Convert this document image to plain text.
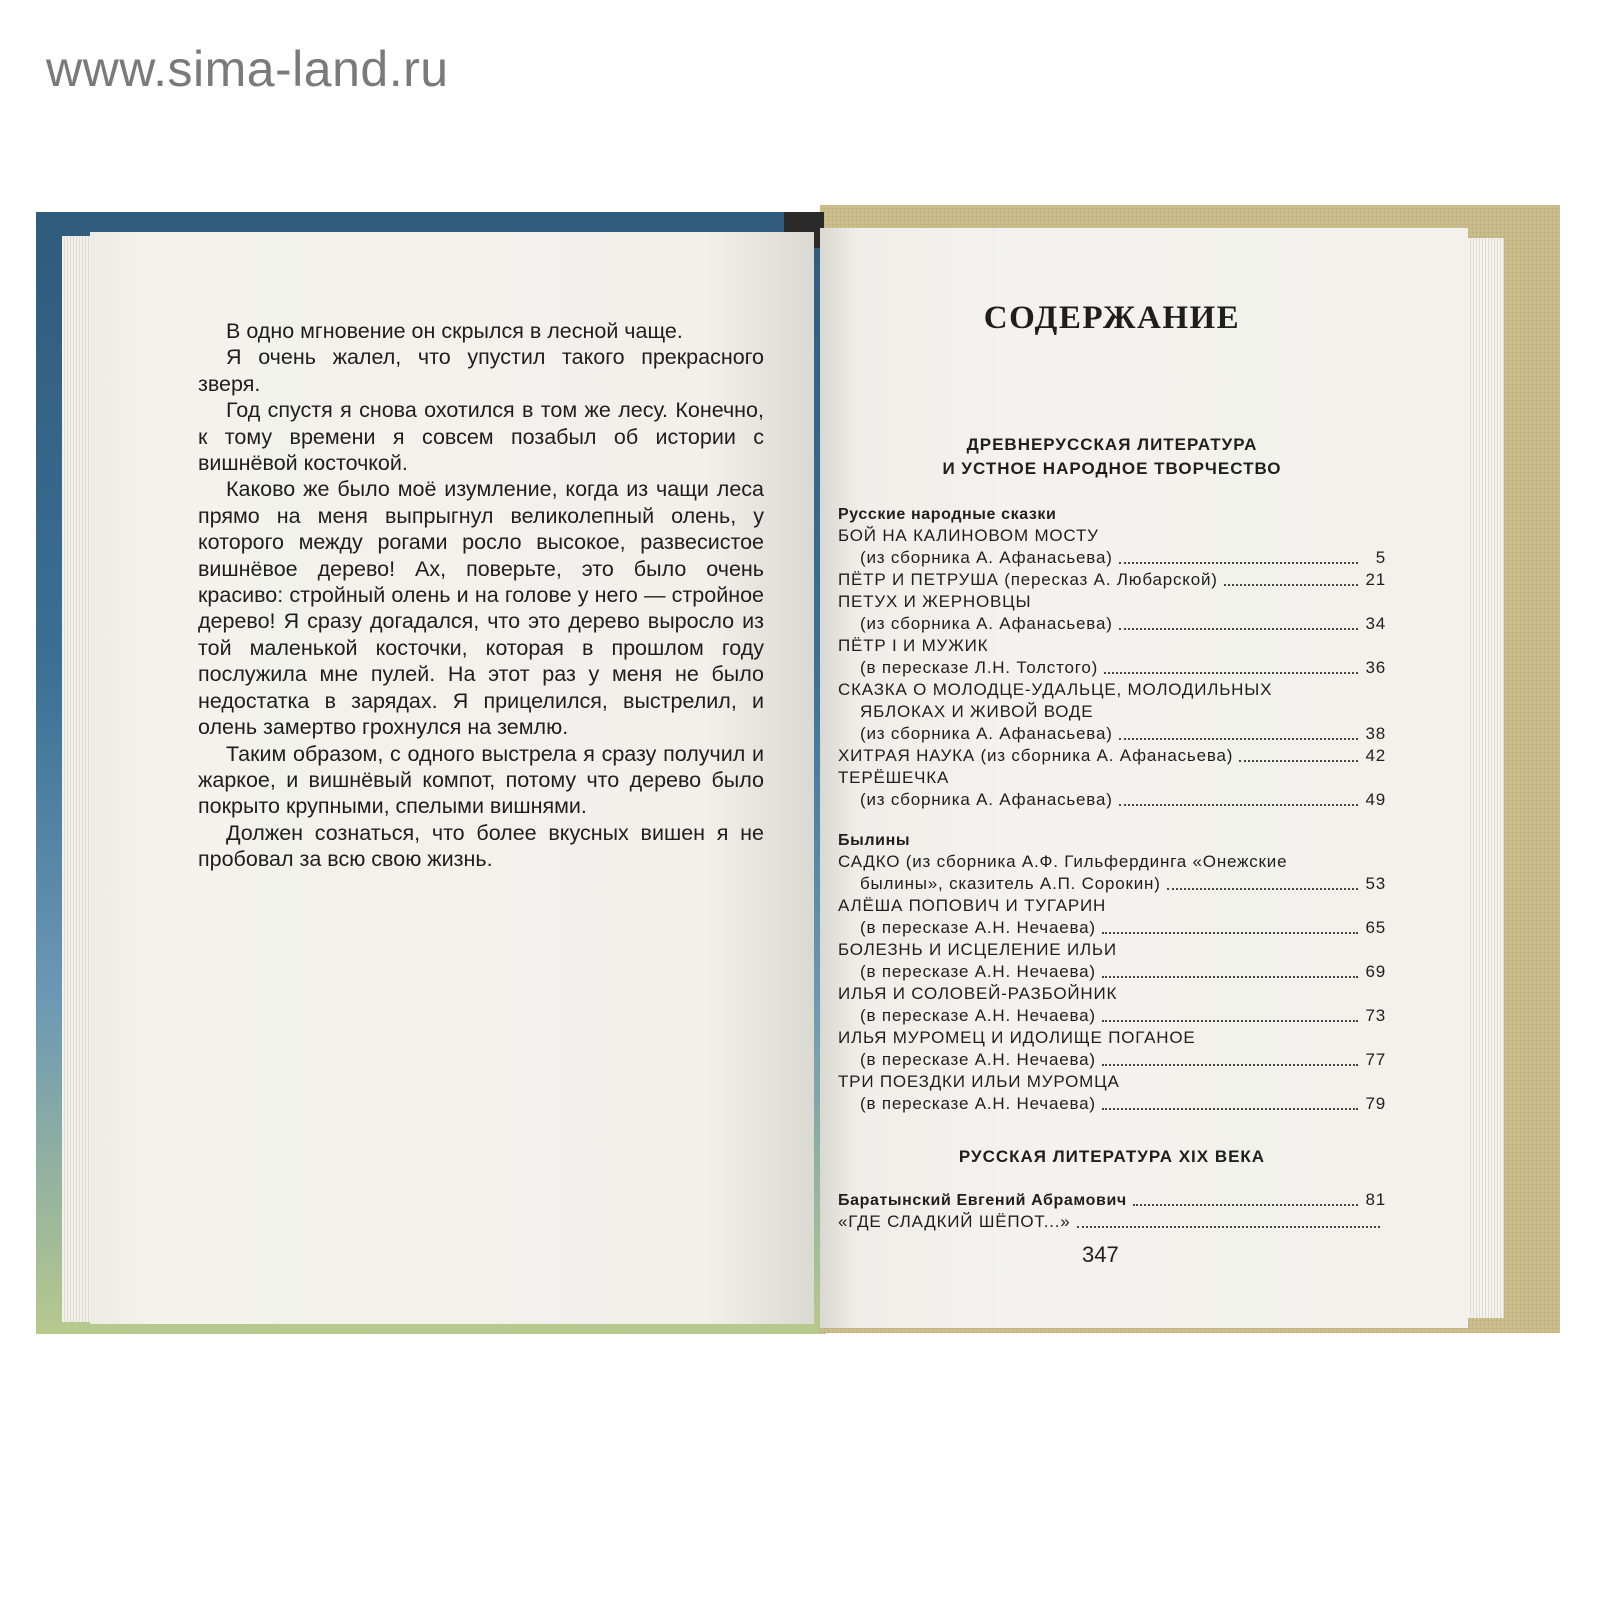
www.sima-land.ru

В одно мгновение он скрылся в лесной чаще.

Я очень жалел, что упустил такого прекрасного зверя.

Год спустя я снова охотился в том же лесу. Конечно, к тому времени я совсем позабыл об истории с вишнёвой косточкой.

Каково же было моё изумление, когда из чащи леса прямо на меня выпрыгнул великолепный олень, у которого между рогами росло высокое, развесистое вишнёвое дерево! Ах, поверьте, это было очень красиво: стройный олень и на голове у него — стройное дерево! Я сразу догадался, что это дерево выросло из той маленькой косточки, которая в прошлом году послужила мне пулей. На этот раз у меня не было недостатка в зарядах. Я прицелился, выстрелил, и олень замертво грохнулся на землю.

Таким образом, с одного выстрела я сразу получил и жаркое, и вишнёвый компот, потому что дерево было покрыто крупными, спелыми вишнями.

Должен сознаться, что более вкусных вишен я не пробовал за всю свою жизнь.

СОДЕРЖАНИЕ
ДРЕВНЕРУССКАЯ ЛИТЕРАТУРА
И УСТНОЕ НАРОДНОЕ ТВОРЧЕСТВО
Русские народные сказки
БОЙ НА КАЛИНОВОМ МОСТУ
(из сборника А. Афанасьева)	5
ПЁТР И ПЕТРУША (пересказ А. Любарской)	21
ПЕТУХ И ЖЕРНОВЦЫ
(из сборника А. Афанасьева)	34
ПЁТР I И МУЖИК
(в пересказе Л.Н. Толстого)	36
СКАЗКА О МОЛОДЦЕ-УДАЛЬЦЕ, МОЛОДИЛЬНЫХ
ЯБЛОКАХ И ЖИВОЙ ВОДЕ
(из сборника А. Афанасьева)	38
ХИТРАЯ НАУКА (из сборника А. Афанасьева)	42
ТЕРЁШЕЧКА
(из сборника А. Афанасьева)	49
Былины
САДКО (из сборника А.Ф. Гильфердинга «Онежские
былины», сказитель А.П. Сорокин)	53
АЛЁША ПОПОВИЧ И ТУГАРИН
(в пересказе А.Н. Нечаева)	65
БОЛЕЗНЬ И ИСЦЕЛЕНИЕ ИЛЬИ
(в пересказе А.Н. Нечаева)	69
ИЛЬЯ И СОЛОВЕЙ-РАЗБОЙНИК
(в пересказе А.Н. Нечаева)	73
ИЛЬЯ МУРОМЕЦ И ИДОЛИЩЕ ПОГАНОЕ
(в пересказе А.Н. Нечаева)	77
ТРИ ПОЕЗДКИ ИЛЬИ МУРОМЦА
(в пересказе А.Н. Нечаева)	79
РУССКАЯ ЛИТЕРАТУРА XIX ВЕКА
Баратынский Евгений Абрамович	81
«ГДЕ СЛАДКИЙ ШЁПОТ...»
347
